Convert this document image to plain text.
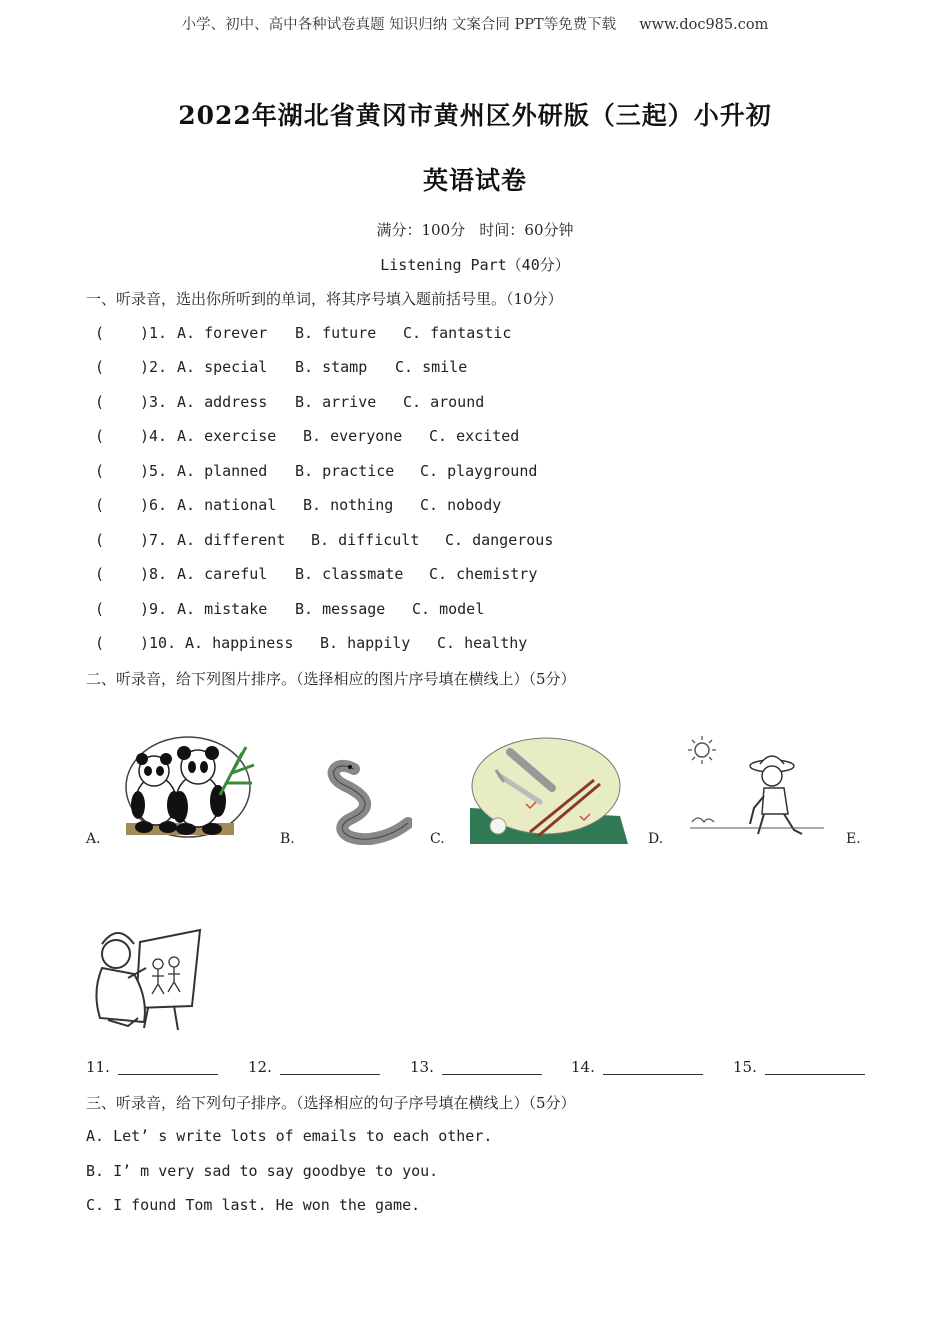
小学、初中、高中各种试卷真题 知识归纳 文案合同 PPT等免费下载     www.doc985.com
2022年湖北省黄冈市黄州区外研版（三起）小升初
英语试卷
满分：100分   时间：60分钟
Listening Part（40分）
一、听录音，选出你所听到的单词，将其序号填入题前括号里。（10分）
( )1. A. forever B. future C. fantastic
( )2. A. special B. stamp C. smile
( )3. A. address B. arrive C. around
( )4. A. exercise B. everyone C. excited
( )5. A. planned B. practice C. playground
( )6. A. national B. nothing C. nobody
( )7. A. different B. difficult C. dangerous
( )8. A. careful B. classmate C. chemistry
( )9. A. mistake B. message C. model
( )10. A. happiness B. happily C. healthy
二、听录音，给下列图片排序。（选择相应的图片序号填在横线上）（5分）
A.	B.	C.	D.	E.
11.	12.	13.	14.	15.
三、听录音，给下列句子排序。（选择相应的句子序号填在横线上）（5分）
A. Let’ s write lots of emails to each other.
B. I’ m very sad to say goodbye to you.
C. I found Tom last. He won the game.
